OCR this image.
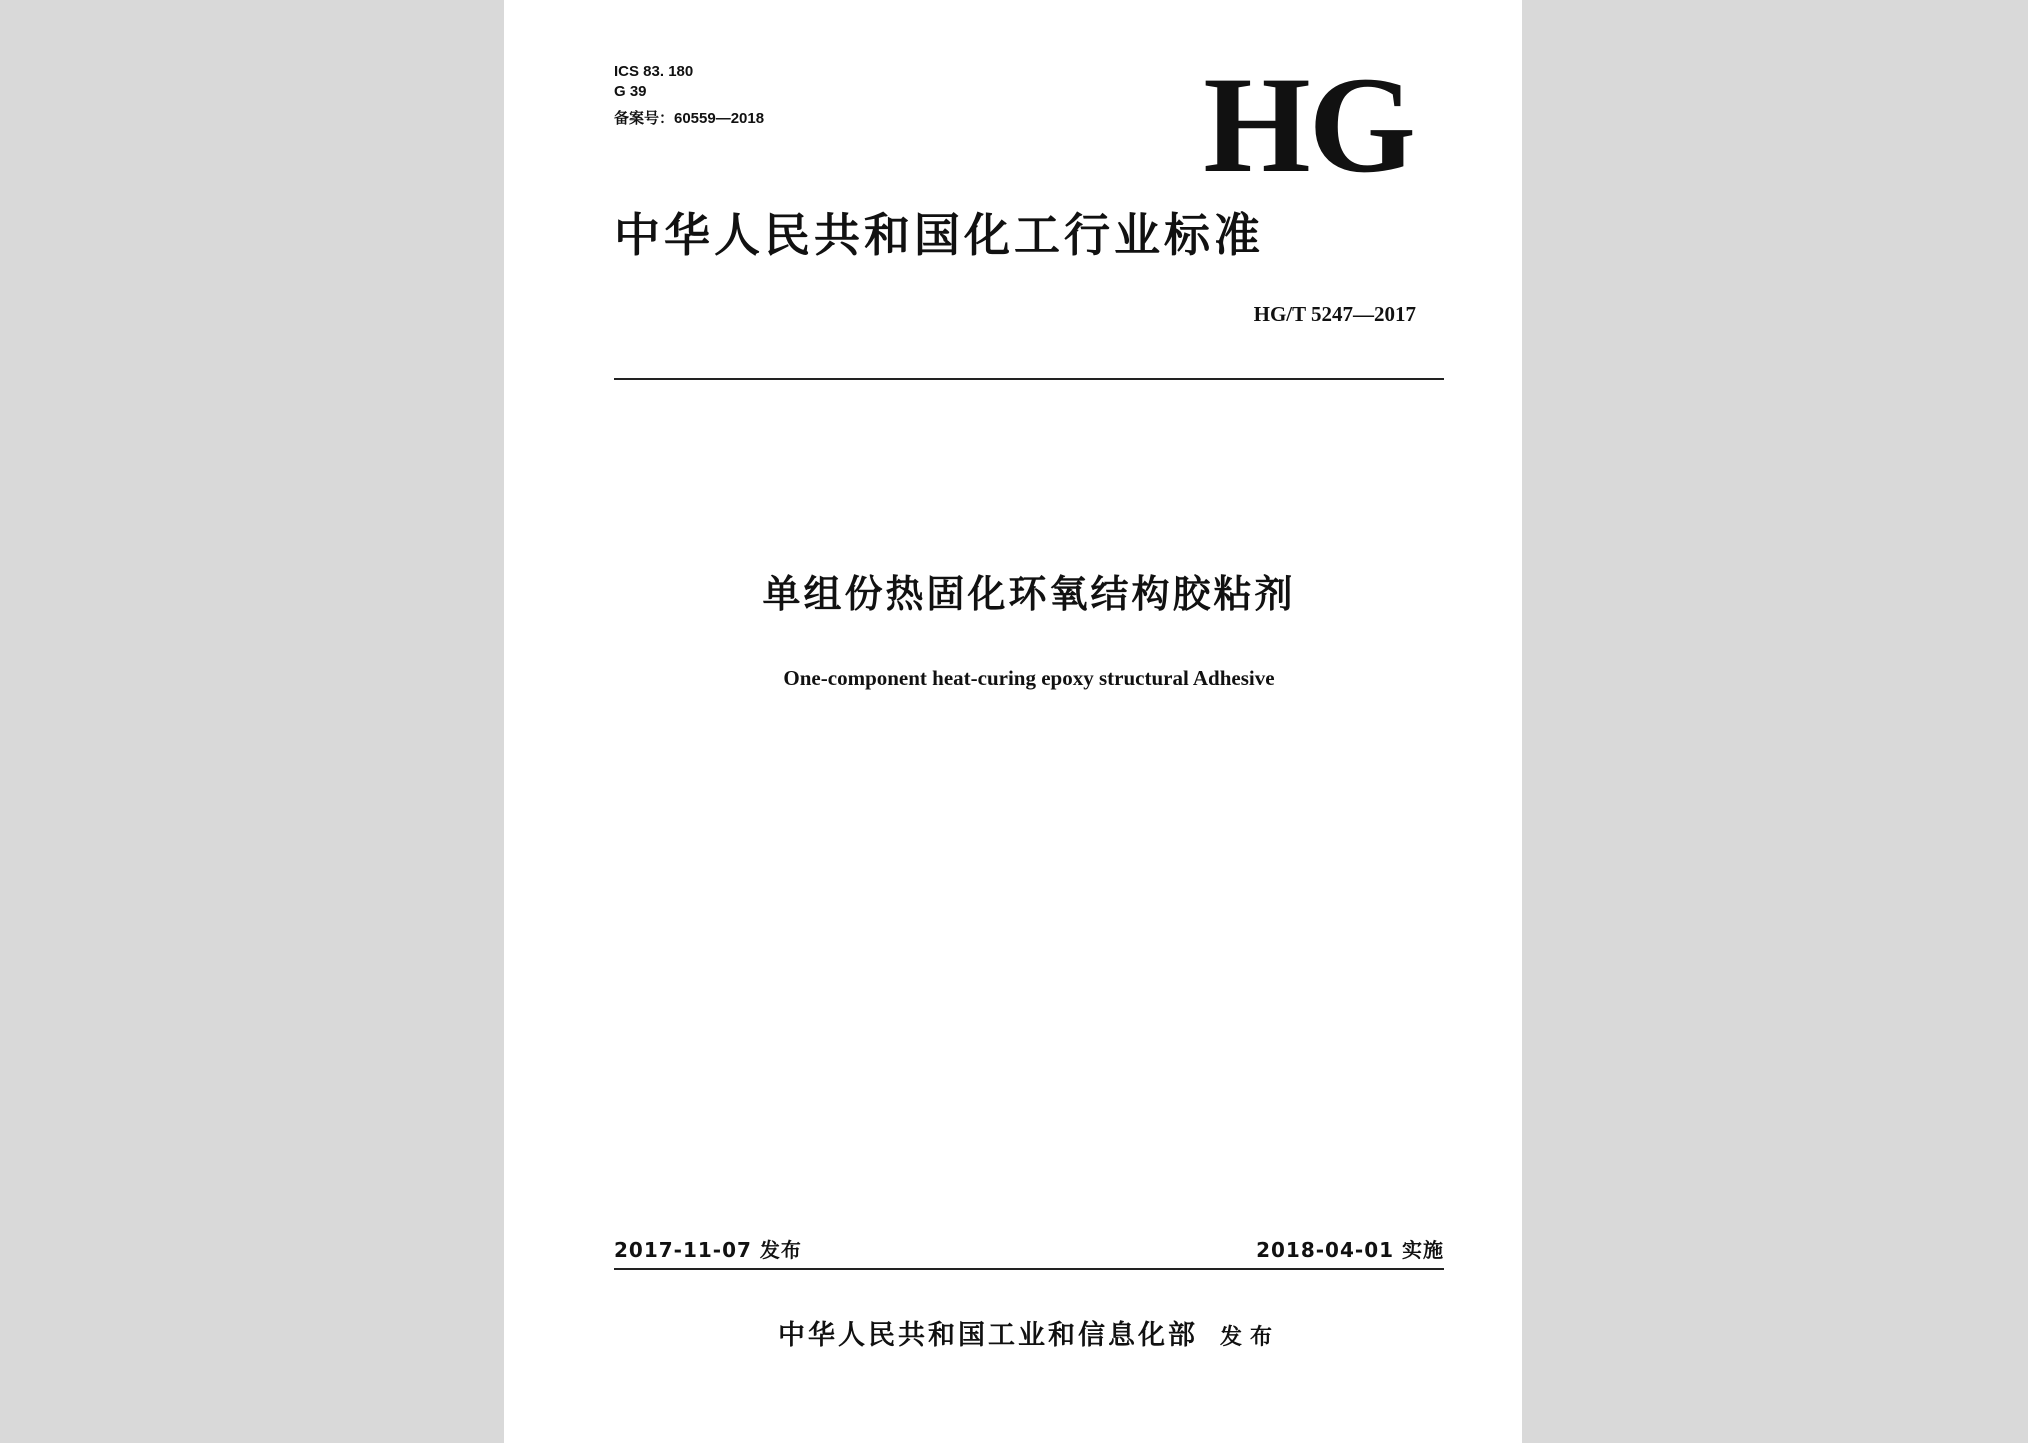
ICS 83. 180
G 39
备案号：60559—2018	HG
中华人民共和国化工行业标准
HG/T 5247—2017
单组份热固化环氧结构胶粘剂
One-component heat-curing epoxy structural Adhesive
2017-11-07 发布	2018-04-01 实施
中华人民共和国工业和信息化部 发布
